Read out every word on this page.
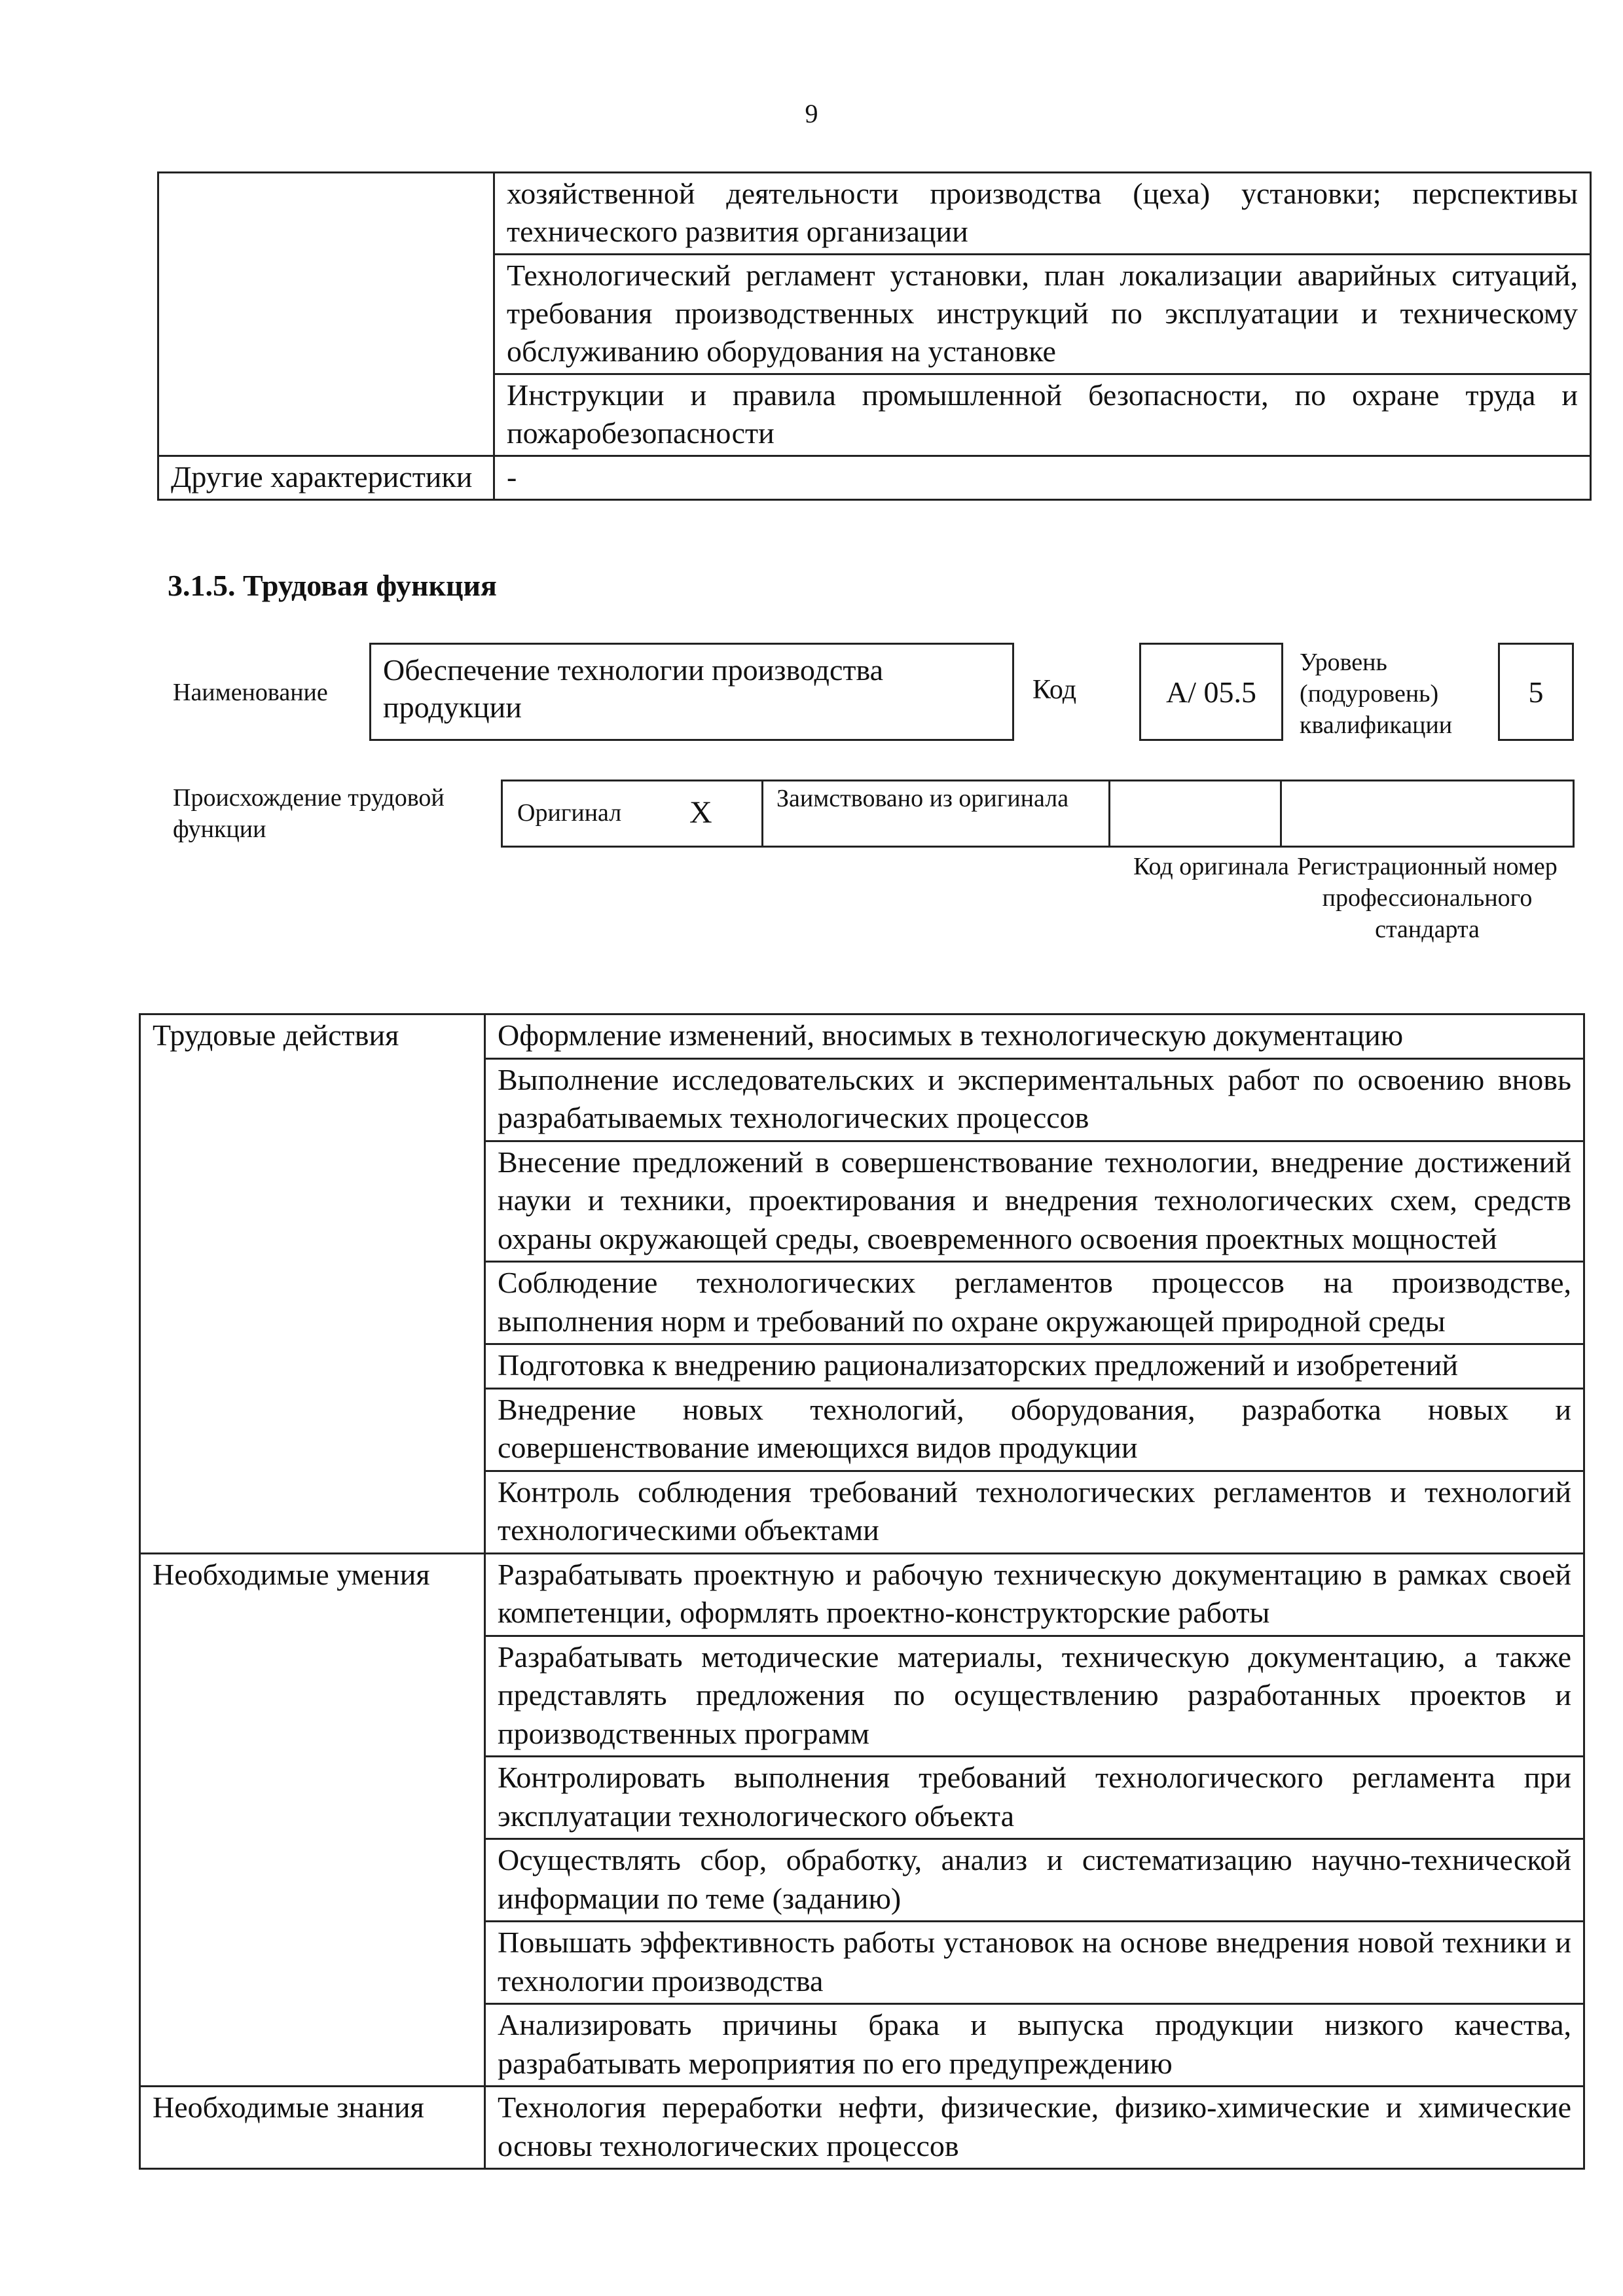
9
	хозяйственной деятельности производства (цеха) установки; перспективы технического развития организации
	Технологический регламент установки, план локализации аварийных ситуаций, требования производственных инструкций по эксплуатации и техническому обслуживанию оборудования на установке
	Инструкции и правила промышленной безопасности, по охране труда и пожаробезопасности
Другие характеристики	-
3.1.5. Трудовая функция
Наименование
Обеспечение технологии производства продукции
Код	A/ 05.5
Уровень (подуровень) квалификации
5
Происхождение трудовой функции
Оригинал X	Заимствовано из оригинала
Код оригинала Регистрационный номер профессионального стандарта
Трудовые действия	Оформление изменений, вносимых в технологическую документацию
	Выполнение исследовательских и экспериментальных работ по освоению вновь разрабатываемых технологических процессов
	Внесение предложений в совершенствование технологии, внедрение достижений науки и техники, проектирования и внедрения технологических схем, средств охраны окружающей среды, своевременного освоения проектных мощностей
	Соблюдение технологических регламентов процессов на производстве, выполнения норм и требований по охране окружающей природной среды
	Подготовка к внедрению рационализаторских предложений и изобретений
	Внедрение новых технологий, оборудования, разработка новых и совершенствование имеющихся видов продукции
	Контроль соблюдения требований технологических регламентов и технологий технологическими объектами
Необходимые умения	Разрабатывать проектную и рабочую техническую документацию в рамках своей компетенции, оформлять проектно-конструкторские работы
	Разрабатывать методические материалы, техническую документацию, а также представлять предложения по осуществлению разработанных проектов и производственных программ
	Контролировать выполнения требований технологического регламента при эксплуатации технологического объекта
	Осуществлять сбор, обработку, анализ и систематизацию научно-технической информации по теме (заданию)
	Повышать эффективность работы установок на основе внедрения новой техники и технологии производства
	Анализировать причины брака и выпуска продукции низкого качества, разрабатывать мероприятия по его предупреждению
Необходимые знания	Технология переработки нефти, физические, физико-химические и химические основы технологических процессов
